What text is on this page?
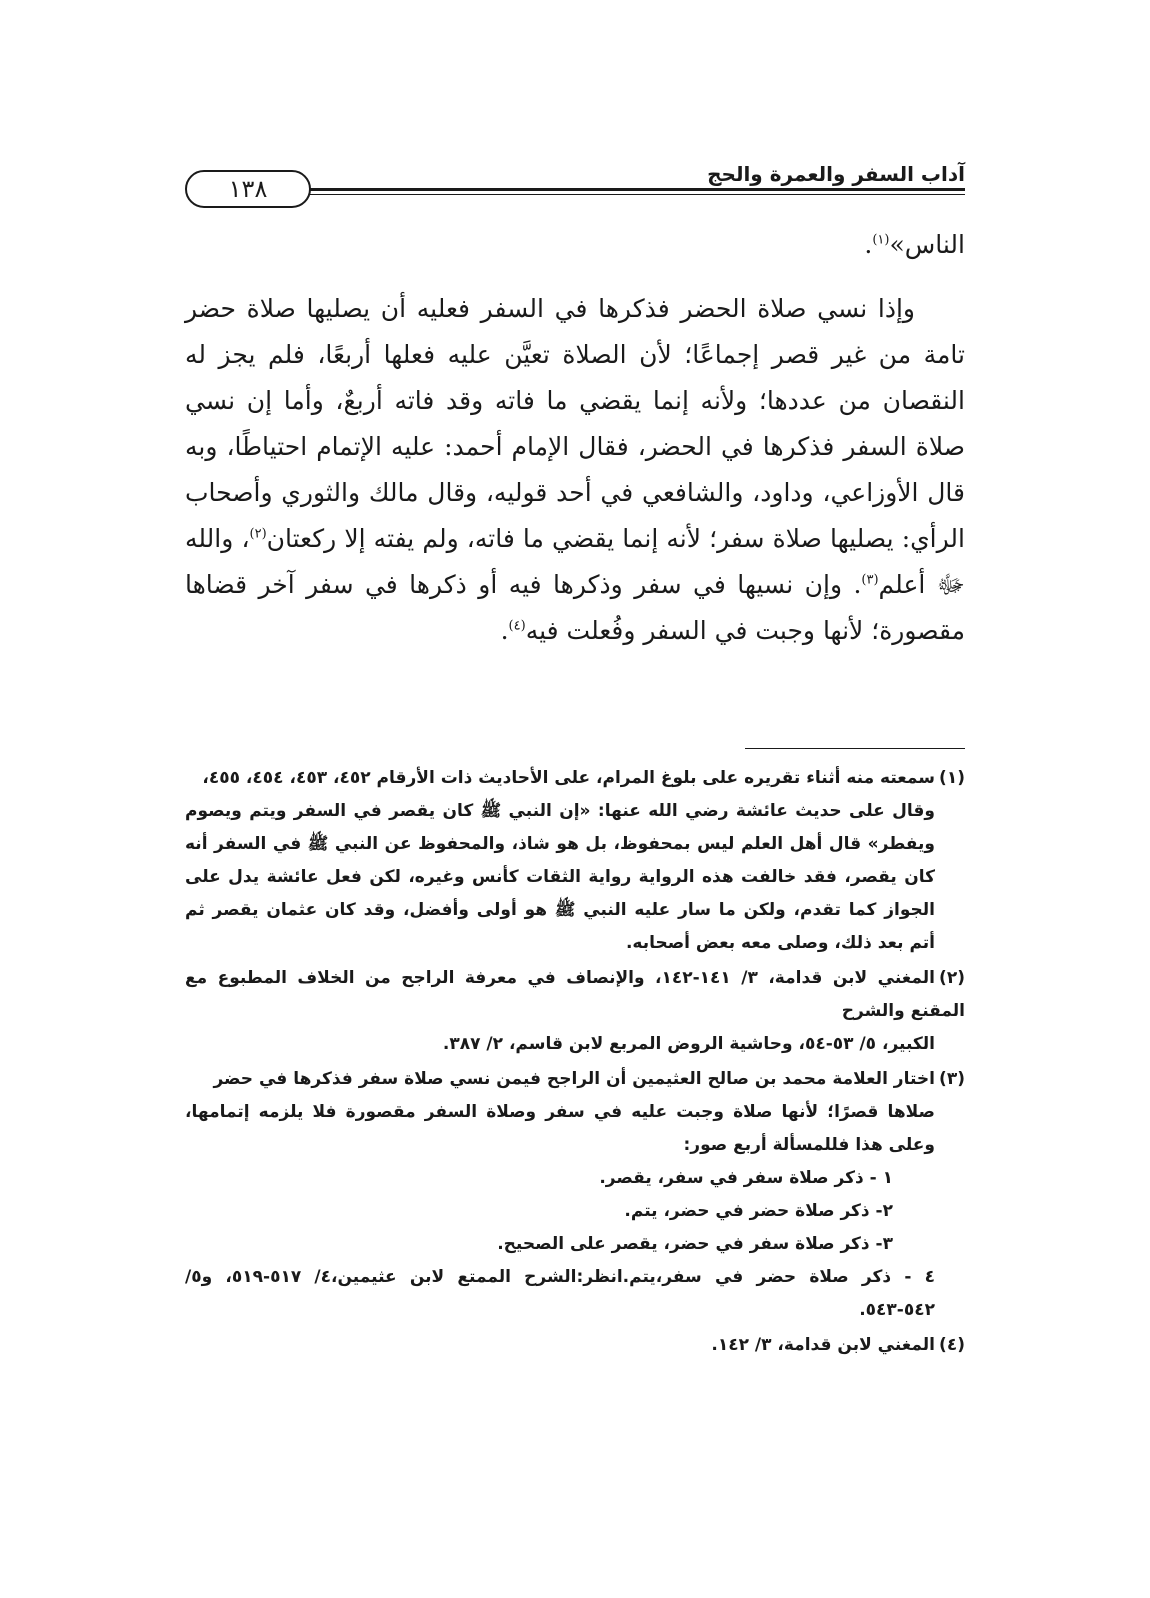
١٣٨
آداب السفر والعمرة والحج

الناس»$^{(١)}$.

وإذا نسي صلاة الحضر فذكرها في السفر فعليه أن يصليها صلاة حضر تامة من غير قصر إجماعًا؛ لأن الصلاة تعيَّن عليه فعلها أربعًا، فلم يجز له النقصان من عددها؛ ولأنه إنما يقضي ما فاته وقد فاته أربعٌ، وأما إن نسي صلاة السفر فذكرها في الحضر، فقال الإمام أحمد: عليه الإتمام احتياطًا، وبه قال الأوزاعي، وداود، والشافعي في أحد قوليه، وقال مالك والثوري وأصحاب الرأي: يصليها صلاة سفر؛ لأنه إنما يقضي ما فاته، ولم يفته إلا ركعتان$^{(٢)}$، والله ﷻ أعلم$^{(٣)}$. وإن نسيها في سفر وذكرها فيه أو ذكرها في سفر آخر قضاها مقصورة؛ لأنها وجبت في السفر وفُعلت فيه$^{(٤)}$.

(١)سمعته منه أثناء تقريره على بلوغ المرام، على الأحاديث ذات الأرقام ٤٥٢، ٤٥٣، ٤٥٤، ٤٥٥،
وقال على حديث عائشة رضي الله عنها: «إن النبي ﷺ كان يقصر في السفر ويتم ويصوم ويفطر» قال أهل العلم ليس بمحفوظ، بل هو شاذ، والمحفوظ عن النبي ﷺ في السفر أنه كان يقصر، فقد خالفت هذه الرواية رواية الثقات كأنس وغيره، لكن فعل عائشة يدل على الجواز كما تقدم، ولكن ما سار عليه النبي ﷺ هو أولى وأفضل، وقد كان عثمان يقصر ثم أتم بعد ذلك، وصلى معه بعض أصحابه.
(٢)المغني لابن قدامة، ٣/ ١٤١-١٤٢، والإنصاف في معرفة الراجح من الخلاف المطبوع مع المقنع والشرح
الكبير، ٥/ ٥٣-٥٤، وحاشية الروض المربع لابن قاسم، ٢/ ٣٨٧.
(٣)اختار العلامة محمد بن صالح العثيمين أن الراجح فيمن نسي صلاة سفر فذكرها في حضر
صلاها قصرًا؛ لأنها صلاة وجبت عليه في سفر وصلاة السفر مقصورة فلا يلزمه إتمامها، وعلى هذا فللمسألة أربع صور:
١ - ذكر صلاة سفر في سفر، يقصر.
٢- ذكر صلاة حضر في حضر، يتم.
٣- ذكر صلاة سفر في حضر، يقصر على الصحيح.
٤ - ذكر صلاة حضر في سفر،يتم.انظر:الشرح الممتع لابن عثيمين،٤/ ٥١٧-٥١٩، و٥/ ٥٤٢-٥٤٣.
(٤)المغني لابن قدامة، ٣/ ١٤٢.
